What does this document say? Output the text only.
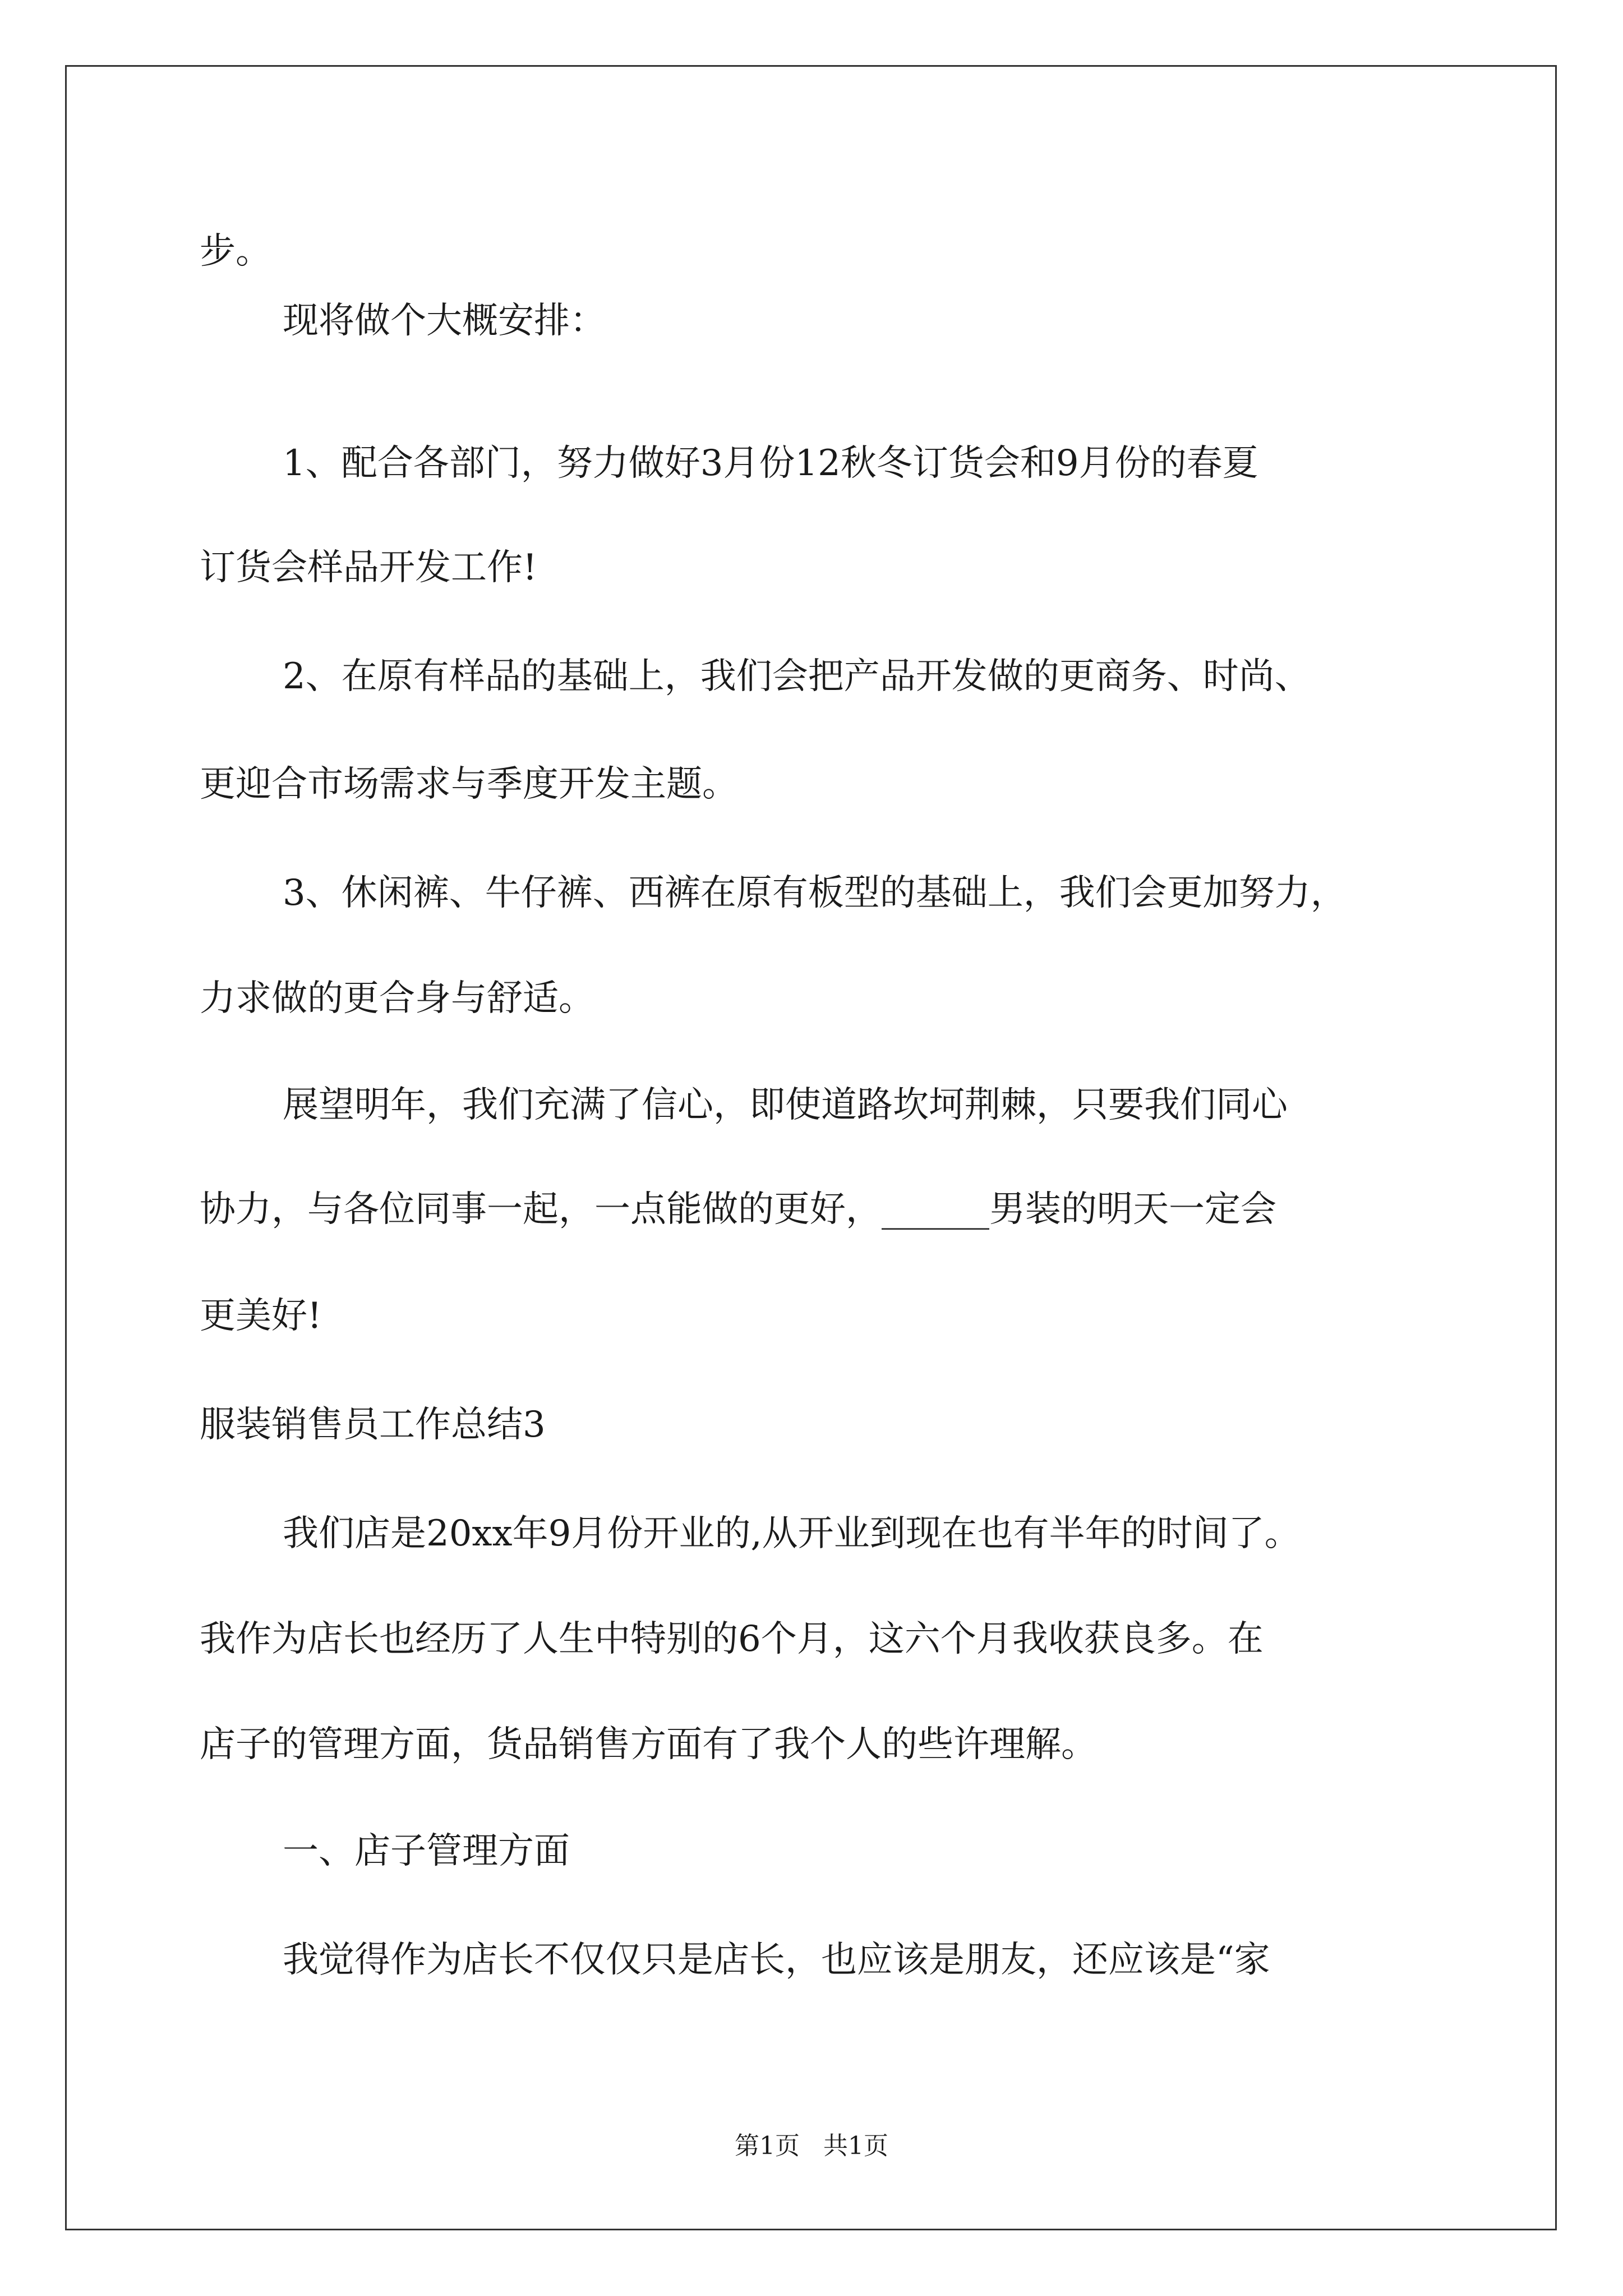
步。
现将做个大概安排：
1、配合各部门，努力做好3月份12秋冬订货会和9月份的春夏
订货会样品开发工作!
2、在原有样品的基础上，我们会把产品开发做的更商务、时尚、
更迎合市场需求与季度开发主题。
3、休闲裤、牛仔裤、西裤在原有板型的基础上，我们会更加努力，
力求做的更合身与舒适。
展望明年，我们充满了信心，即使道路坎坷荆棘，只要我们同心
协力，与各位同事一起，一点能做的更好，______男装的明天一定会
更美好!
服装销售员工作总结3
我们店是20xx年9月份开业的,从开业到现在也有半年的时间了。
我作为店长也经历了人生中特别的6个月，这六个月我收获良多。在
店子的管理方面，货品销售方面有了我个人的些许理解。
一、店子管理方面
我觉得作为店长不仅仅只是店长，也应该是朋友，还应该是“家
第1页   共1页
